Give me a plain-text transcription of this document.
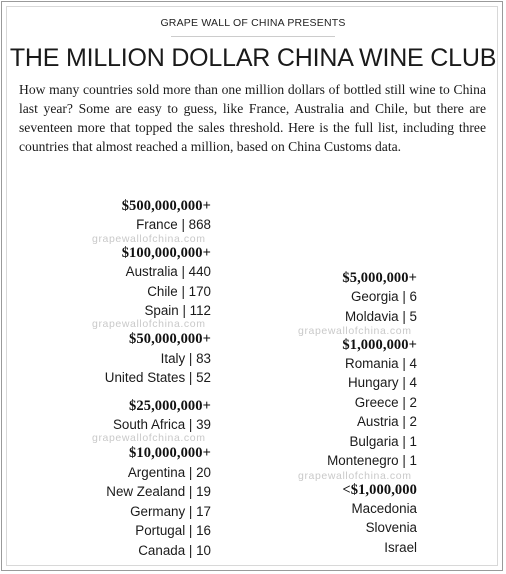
GRAPE WALL OF CHINA PRESENTS
THE MILLION DOLLAR CHINA WINE CLUB

How many countries sold more than one million dollars of bottled still wine to China last year? Some are easy to guess, like France, Australia and Chile, but there are seventeen more that topped the sales threshold. Here is the full list, including three countries that almost reached a million, based on China Customs data.

grapewallofchina.com
grapewallofchina.com
grapewallofchina.com
grapewallofchina.com
grapewallofchina.com
$500,000,000+
France | 868
$100,000,000+
Australia | 440
Chile | 170
Spain | 112
$50,000,000+
Italy | 83
United States | 52
$25,000,000+
South Africa | 39
$10,000,000+
Argentina | 20
New Zealand | 19
Germany | 17
Portugal | 16
Canada | 10
$5,000,000+
Georgia | 6
Moldavia | 5
$1,000,000+
Romania | 4
Hungary | 4
Greece | 2
Austria | 2
Bulgaria | 1
Montenegro | 1
<$1,000,000
Macedonia
Slovenia
Israel
